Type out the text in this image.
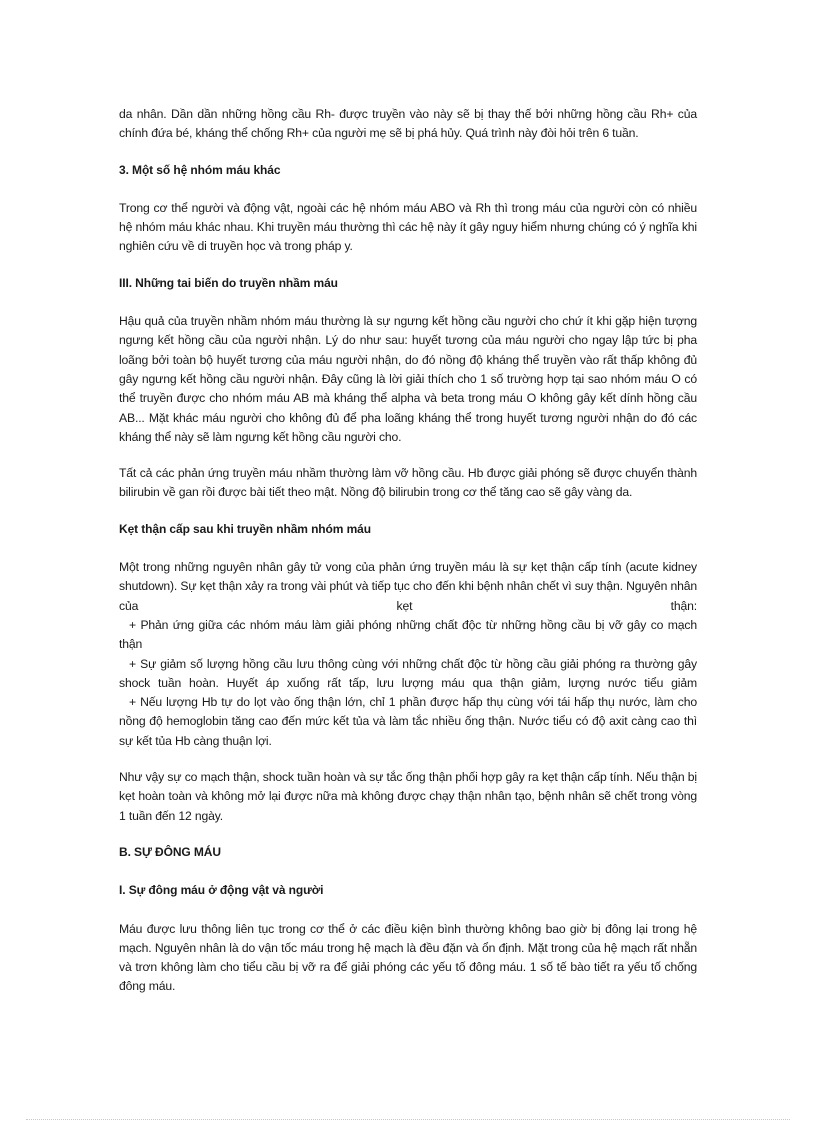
da nhân. Dần dần những hồng cầu Rh- được truyền vào này sẽ bị thay thế bởi những hồng cầu Rh+ của chính đứa bé, kháng thể chống Rh+ của người mẹ sẽ bị phá hủy. Quá trình này đòi hỏi trên 6 tuần.

3. Một số hệ nhóm máu khác

Trong cơ thể người và động vật, ngoài các hệ nhóm máu ABO và Rh thì trong máu của người còn có nhiều hệ nhóm máu khác nhau. Khi truyền máu thường thì các hệ này ít gây nguy hiểm nhưng chúng có ý nghĩa khi nghiên cứu về di truyền học và trong pháp y.

III. Những tai biến do truyền nhầm máu

Hậu quả của truyền nhầm nhóm máu thường là sự ngưng kết hồng cầu người cho chứ ít khi gặp hiện tượng ngưng kết hồng cầu của người nhận. Lý do như sau: huyết tương của máu người cho ngay lập tức bị pha loãng bởi toàn bộ huyết tương của máu người nhận, do đó nồng độ kháng thể truyền vào rất thấp không đủ gây ngưng kết hồng cầu người nhận. Đây cũng là lời giải thích cho 1 số trường hợp tại sao nhóm máu O có thể truyền được cho nhóm máu AB mà kháng thể alpha và beta trong máu O không gây kết dính hồng cầu AB... Mặt khác máu người cho không đủ để pha loãng kháng thể trong huyết tương người nhận do đó các kháng thể này sẽ làm ngưng kết hồng cầu người cho.

Tất cả các phản ứng truyền máu nhầm thường làm vỡ hồng cầu. Hb được giải phóng sẽ được chuyển thành bilirubin về gan rồi được bài tiết theo mật. Nồng độ bilirubin trong cơ thể tăng cao sẽ gây vàng da.

Kẹt thận cấp sau khi truyền nhầm nhóm máu

Một trong những nguyên nhân gây tử vong của phản ứng truyền máu là sự kẹt thận cấp tính (acute kidney shutdown). Sự kẹt thận xảy ra trong vài phút và tiếp tục cho đến khi bệnh nhân chết vì suy thận. Nguyên nhân của kẹt thận:

+ Phản ứng giữa các nhóm máu làm giải phóng những chất độc từ những hồng cầu bị vỡ gây co mạch thận

+ Sự giảm số lượng hồng cầu lưu thông cùng với những chất độc từ hồng cầu giải phóng ra thường gây shock tuần hoàn. Huyết áp xuống rất tấp, lưu lượng máu qua thận giảm, lượng nước tiểu giảm

+ Nếu lượng Hb tự do lọt vào ống thận lớn, chỉ 1 phần được hấp thụ cùng với tái hấp thụ nước, làm cho nồng độ hemoglobin tăng cao đến mức kết tủa và làm tắc nhiều ống thận. Nước tiểu có độ axit càng cao thì sự kết tủa Hb càng thuận lợi.

Như vậy sự co mạch thận, shock tuần hoàn và sự tắc ống thận phối hợp gây ra kẹt thận cấp tính. Nếu thận bị kẹt hoàn toàn và không mở lại được nữa mà không được chạy thận nhân tạo, bệnh nhân sẽ chết trong vòng 1 tuần đến 12 ngày.

B. SỰ ĐÔNG MÁU

I. Sự đông máu ở động vật và người

Máu được lưu thông liên tục trong cơ thể ở các điều kiện bình thường không bao giờ bị đông lại trong hệ mạch. Nguyên nhân là do vận tốc máu trong hệ mạch là đều đặn và ổn định. Mặt trong của hệ mạch rất nhẵn và trơn không làm cho tiểu cầu bị vỡ ra để giải phóng các yếu tố đông máu. 1 số tế bào tiết ra yếu tố chống đông máu.
